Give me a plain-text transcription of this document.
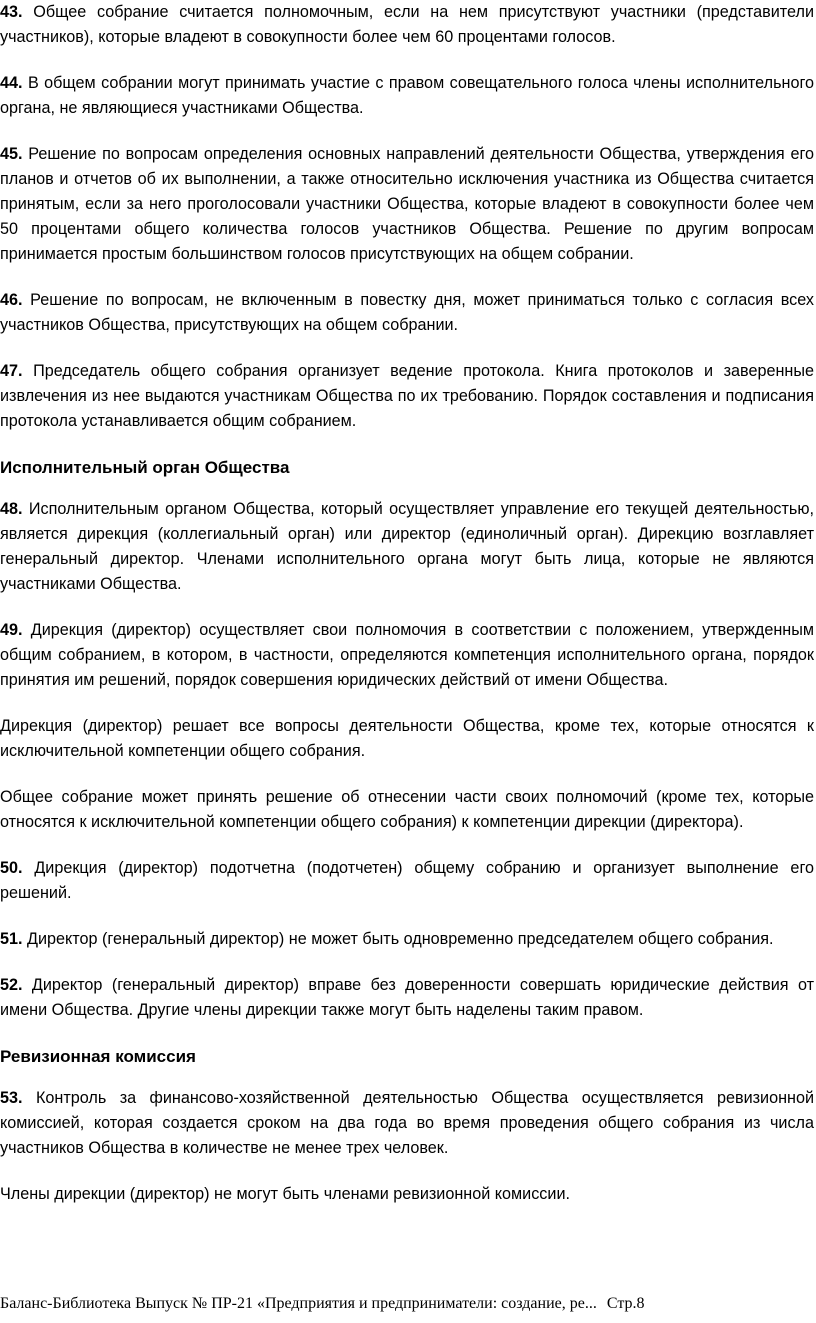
43. Общее собрание считается полномочным, если на нем присутствуют участники (представители участников), которые владеют в совокупности более чем 60 процентами голосов.

44. В общем собрании могут принимать участие с правом совещательного голоса члены исполнительного органа, не являющиеся участниками Общества.

45. Решение по вопросам определения основных направлений деятельности Общества, утверждения его планов и отчетов об их выполнении, а также относительно исключения участника из Общества считается принятым, если за него проголосовали участники Общества, которые владеют в совокупности более чем 50 процентами общего количества голосов участников Общества. Решение по другим вопросам принимается простым большинством голосов присутствующих на общем собрании.

46. Решение по вопросам, не включенным в повестку дня, может приниматься только с согласия всех участников Общества, присутствующих на общем собрании.

47. Председатель общего собрания организует ведение протокола. Книга протоколов и заверенные извлечения из нее выдаются участникам Общества по их требованию. Порядок составления и подписания протокола устанавливается общим собранием.

Исполнительный орган Общества

48. Исполнительным органом Общества, который осуществляет управление его текущей деятельностью, является дирекция (коллегиальный орган) или директор (единоличный орган). Дирекцию возглавляет генеральный директор. Членами исполнительного органа могут быть лица, которые не являются участниками Общества.

49. Дирекция (директор) осуществляет свои полномочия в соответствии с положением, утвержденным общим собранием, в котором, в частности, определяются компетенция исполнительного органа, порядок принятия им решений, порядок совершения юридических действий от имени Общества.

Дирекция (директор) решает все вопросы деятельности Общества, кроме тех, которые относятся к исключительной компетенции общего собрания.

Общее собрание может принять решение об отнесении части своих полномочий (кроме тех, которые относятся к исключительной компетенции общего собрания) к компетенции дирекции (директора).

50. Дирекция (директор) подотчетна (подотчетен) общему собранию и организует выполнение его решений.

51. Директор (генеральный директор) не может быть одновременно председателем общего собрания.

52. Директор (генеральный директор) вправе без доверенности совершать юридические действия от имени Общества. Другие члены дирекции также могут быть наделены таким правом.

Ревизионная комиссия

53. Контроль за финансово-хозяйственной деятельностью Общества осуществляется ревизионной комиссией, которая создается сроком на два года во время проведения общего собрания из числа участников Общества в количестве не менее трех человек.

Члены дирекции (директор) не могут быть членами ревизионной комиссии.

Баланс-Библиотека Выпуск № ПР-21 «Предприятия и предприниматели: создание, ре... Стр.8
